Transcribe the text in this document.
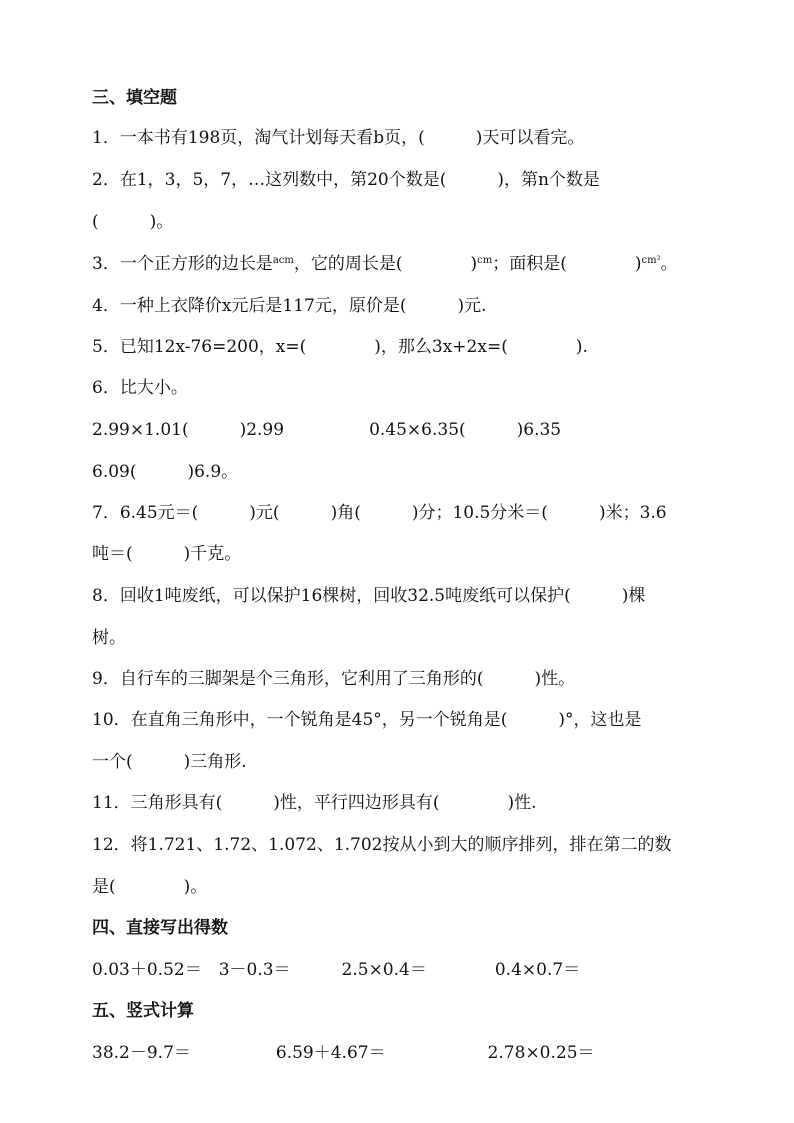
三、填空题
1．一本书有198页，淘气计划每天看b页，(　　　)天可以看完。
2．在1，3，5，7，…这列数中，第20个数是(　　　)，第n个数是
(　　　)。
3．一个正方形的边长是$^{acm}$，它的周长是(　　　　)$^{cm}$；面积是(　　　　)$^{cm^2}$。
4．一种上衣降价x元后是117元，原价是(　　　)元.
5．已知12x-76=200，x=(　　　　)，那么3x+2x=(　　　　).
6．比大小。
2.99×1.01(　　　)2.99　　　　　0.45×6.35(　　　)6.35
6.09(　　　)6.9。
7．6.45元＝(　　　)元(　　　)角(　　　)分；10.5分米＝(　　　)米；3.6
吨＝(　　　)千克。
8．回收1吨废纸，可以保护16棵树，回收32.5吨废纸可以保护(　　　)棵
树。
9．自行车的三脚架是个三角形，它利用了三角形的(　　　)性。
10．在直角三角形中，一个锐角是45°，另一个锐角是(　　　)°，这也是
一个(　　　)三角形.
11．三角形具有(　　　)性，平行四边形具有(　　　　)性.
12．将1.721、1.72、1.072、1.702按从小到大的顺序排列，排在第二的数
是(　　　　)。
四、直接写出得数
0.03＋0.52＝　3－0.3＝　　　2.5×0.4＝　　　　0.4×0.7＝
五、竖式计算
38.2－9.7＝　　　　　6.59＋4.67＝　　　　　　2.78×0.25＝
